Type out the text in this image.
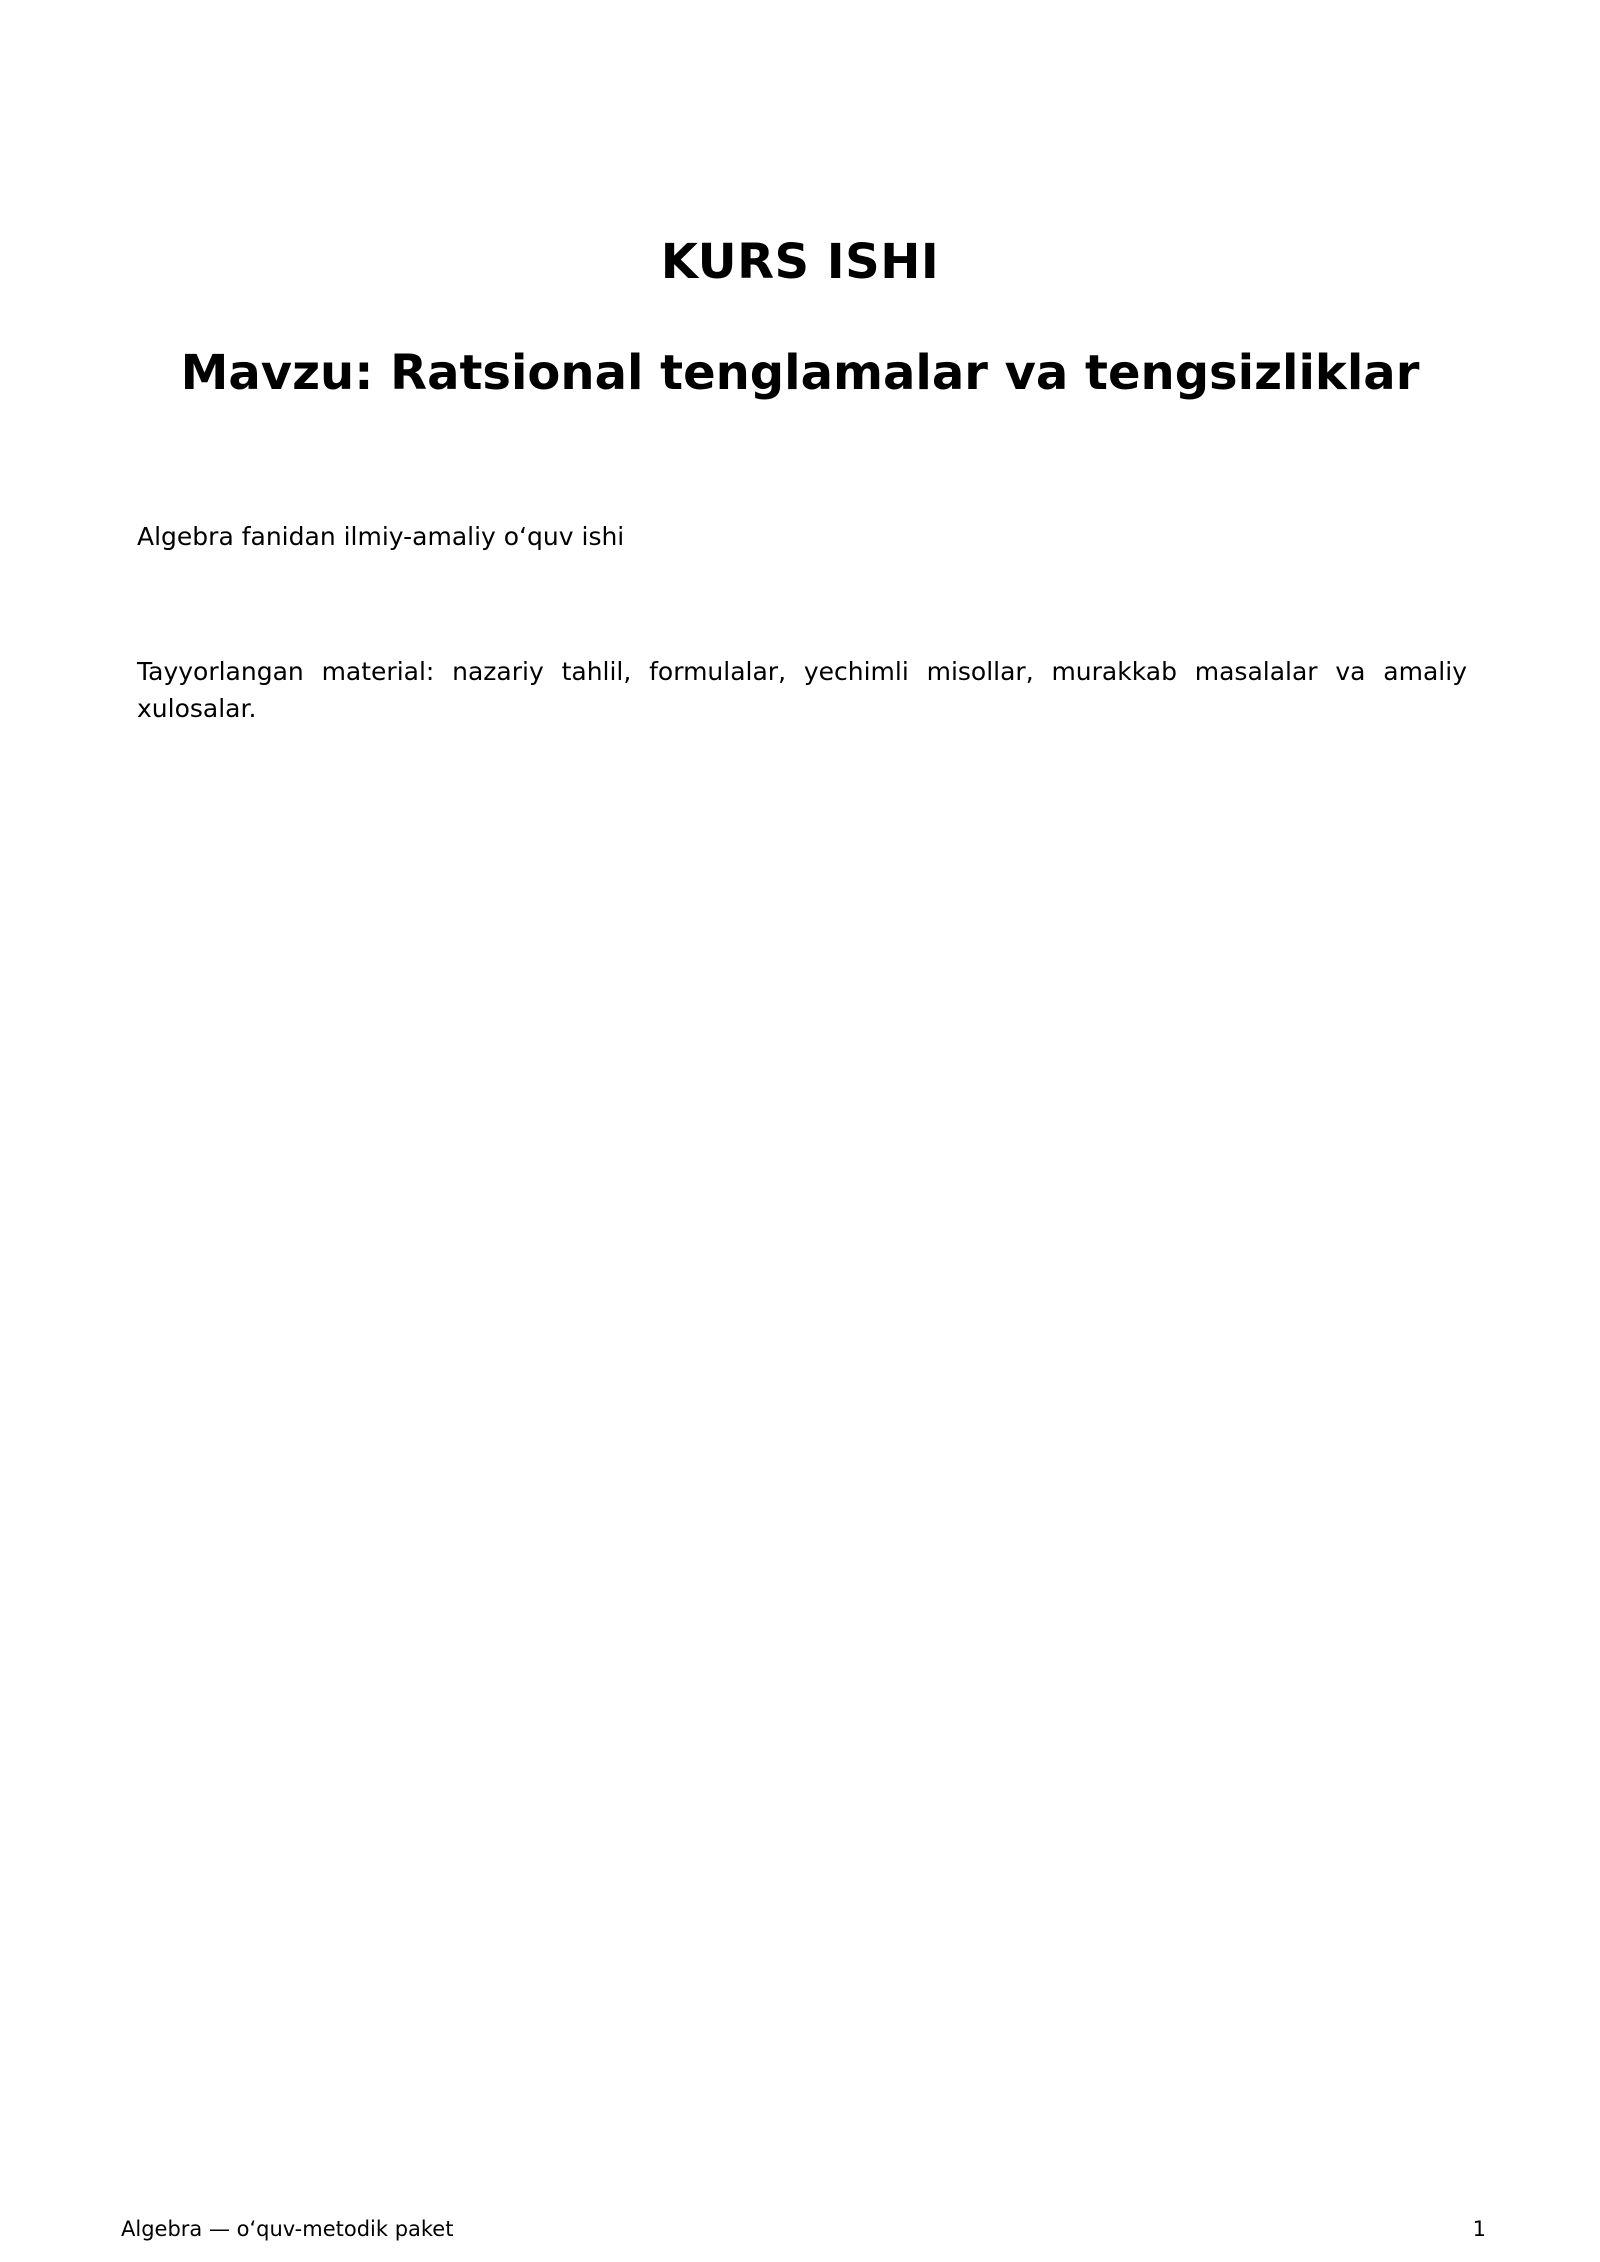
KURS ISHI
Mavzu: Ratsional tenglamalar va tengsizliklar
Algebra fanidan ilmiy-amaliy oʻquv ishi
Tayyorlangan material: nazariy tahlil, formulalar, yechimli misollar, murakkab masalalar va amaliy xulosalar.
Algebra — oʻquv-metodik paket	1
